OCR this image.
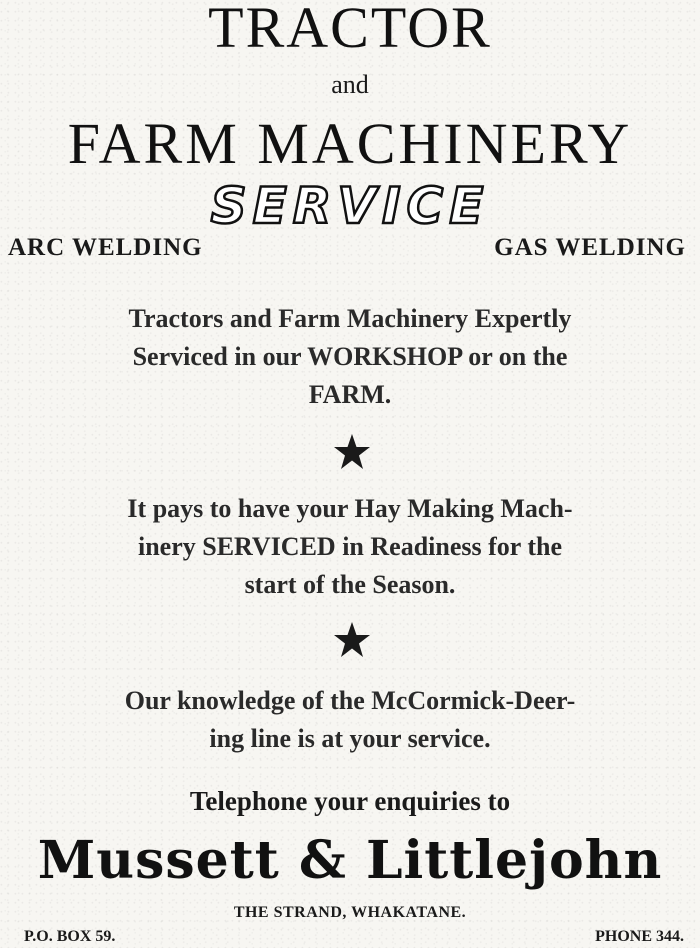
TRACTOR
and
FARM MACHINERY
SERVICE
ARC WELDING	GAS WELDING
Tractors and Farm Machinery Expertly
Serviced in our WORKSHOP or on the
FARM.
It pays to have your Hay Making Mach-
inery SERVICED in Readiness for the
start of the Season.
Our knowledge of the McCormick-Deer-
ing line is at your service.
Telephone your enquiries to
Mussett & Littlejohn
THE STRAND, WHAKATANE.
P.O. BOX 59.	PHONE 344.
